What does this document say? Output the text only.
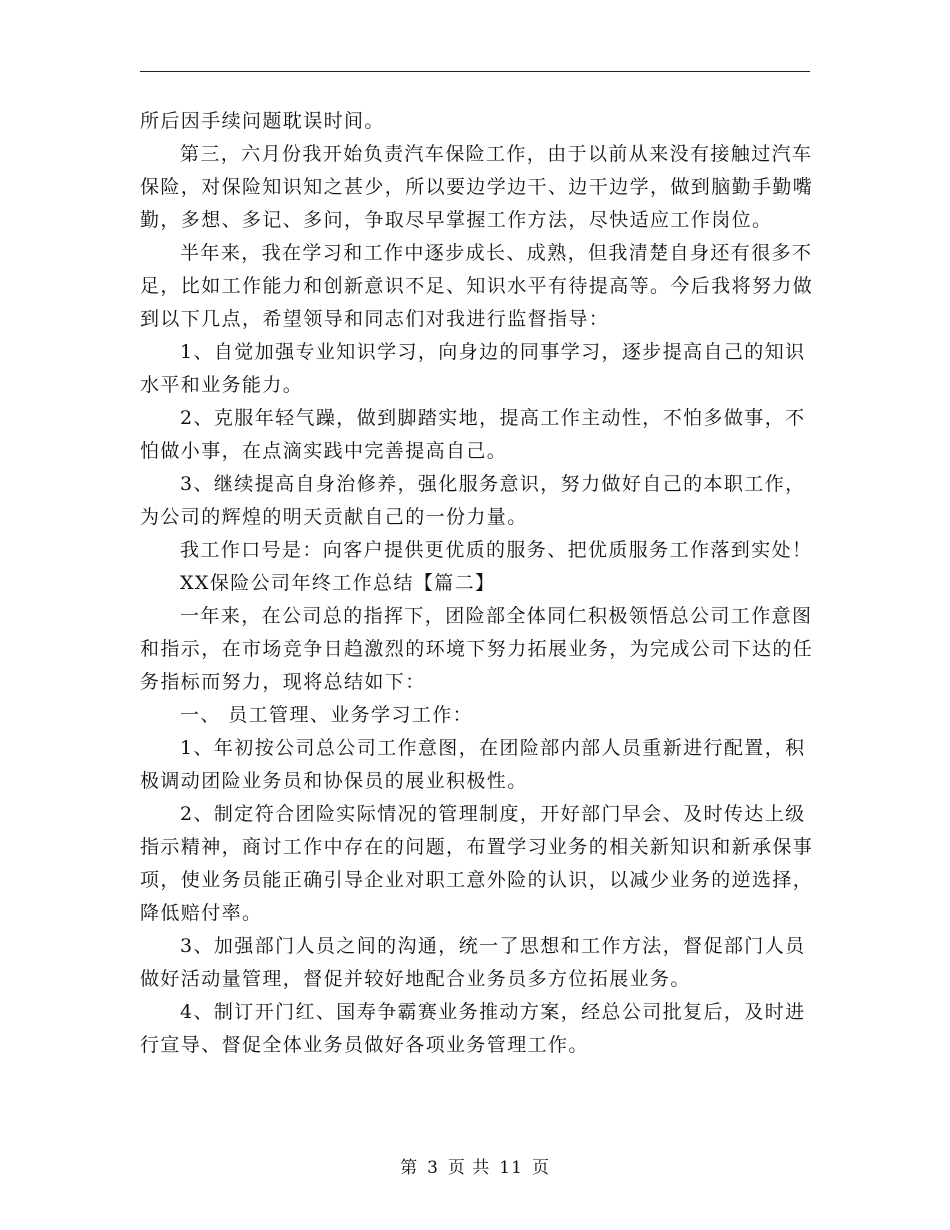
所后因手续问题耽误时间。

第三，六月份我开始负责汽车保险工作，由于以前从来没有接触过汽车保险，对保险知识知之甚少，所以要边学边干、边干边学，做到脑勤手勤嘴勤，多想、多记、多问，争取尽早掌握工作方法，尽快适应工作岗位。

半年来，我在学习和工作中逐步成长、成熟，但我清楚自身还有很多不足，比如工作能力和创新意识不足、知识水平有待提高等。今后我将努力做到以下几点，希望领导和同志们对我进行监督指导：

1、自觉加强专业知识学习，向身边的同事学习，逐步提高自己的知识水平和业务能力。

2、克服年轻气躁，做到脚踏实地，提高工作主动性，不怕多做事，不怕做小事，在点滴实践中完善提高自己。

3、继续提高自身治修养，强化服务意识，努力做好自己的本职工作，为公司的辉煌的明天贡献自己的一份力量。

我工作口号是：向客户提供更优质的服务、把优质服务工作落到实处！

XX保险公司年终工作总结【篇二】

一年来，在公司总的指挥下，团险部全体同仁积极领悟总公司工作意图和指示，在市场竞争日趋激烈的环境下努力拓展业务，为完成公司下达的任务指标而努力，现将总结如下：

一、 员工管理、业务学习工作：

1、年初按公司总公司工作意图，在团险部内部人员重新进行配置，积极调动团险业务员和协保员的展业积极性。

2、制定符合团险实际情况的管理制度，开好部门早会、及时传达上级指示精神，商讨工作中存在的问题，布置学习业务的相关新知识和新承保事项，使业务员能正确引导企业对职工意外险的认识，以减少业务的逆选择，降低赔付率。

3、加强部门人员之间的沟通，统一了思想和工作方法，督促部门人员做好活动量管理，督促并较好地配合业务员多方位拓展业务。

4、制订开门红、国寿争霸赛业务推动方案，经总公司批复后，及时进行宣导、督促全体业务员做好各项业务管理工作。

第 3 页 共 11 页
